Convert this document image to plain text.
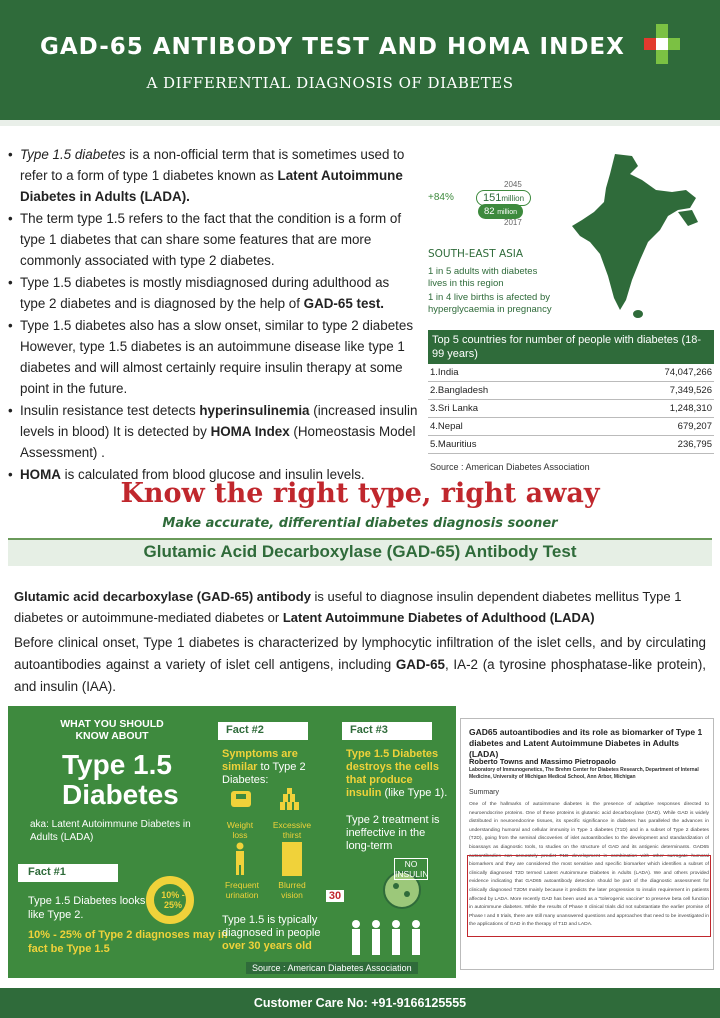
GAD-65 ANTIBODY TEST AND HOMA INDEX
A DIFFERENTIAL DIAGNOSIS OF DIABETES
• Type 1.5 diabetes is a non-official term that is sometimes used to refer to a form of type 1 diabetes known as Latent Autoimmune Diabetes in Adults (LADA).
• The term type 1.5 refers to the fact that the condition is a form of type 1 diabetes that can share some features that are more commonly associated with type 2 diabetes.
• Type 1.5 diabetes is mostly misdiagnosed during adulthood as type 2 diabetes and is diagnosed by the help of GAD-65 test.
• Type 1.5 diabetes also has a slow onset, similar to type 2 diabetes However, type 1.5 diabetes is an autoimmune disease like type 1 diabetes and will almost certainly require insulin therapy at some point in the future.
• Insulin resistance test detects hyperinsulinemia (increased insulin levels in blood) It is detected by HOMA Index (Homeostasis Model Assessment) .
• HOMA is calculated from blood glucose and insulin levels.
+84%
2045
151million
82 million
2017
SOUTH-EAST ASIA
1 in 5 adults with diabetes lives in this region
1 in 4 live births is afected by hyperglycaemia in pregnancy
Top 5 countries for number of people with diabetes (18-99 years)
1.India	74,047,266
2.Bangladesh	7,349,526
3.Sri Lanka	1,248,310
4.Nepal	679,207
5.Mauritius	236,795
Source : American Diabetes Association
Know the right type, right away
Make accurate, differential diabetes diagnosis sooner
Glutamic Acid Decarboxylase (GAD-65) Antibody Test
Glutamic acid decarboxylase (GAD-65) antibody is useful to diagnose insulin dependent diabetes mellitus Type 1 diabetes or autoimmune-mediated diabetes or Latent Autoimmune Diabetes of Adulthood (LADA)
Before clinical onset, Type 1 diabetes is characterized by lymphocytic infiltration of the islet cells, and by circulating autoantibodies against a variety of islet cell antigens, including GAD-65, IA-2 (a tyrosine phosphatase-like protein), and insulin (IAA).
WHAT YOU SHOULD KNOW ABOUT
Type 1.5 Diabetes
aka: Latent Autoimmune Diabetes in Adults (LADA)
Fact #1
Type 1.5 Diabetes looks like Type 2.
10% - 25%
10% - 25% of Type 2 diagnoses may in fact be Type 1.5
Fact #2
Symptoms are similar to Type 2 Diabetes:
Weight loss
Excessive thirst
Frequent urination
Blurred vision
Fact #3
Type 1.5 Diabetes destroys the cells that produce insulin (like Type 1).
Type 2 treatment is ineffective in the long-term
NO INSULIN
Type 1.5 is typically diagnosed in people over 30 years old
30
Source : American Diabetes Association
GAD65 autoantibodies and its role as biomarker of Type 1 diabetes and Latent Autoimmune Diabetes in Adults (LADA)
Roberto Towns and Massimo Pietropaolo
Laboratory of Immunogenetics, The Brehm Center for Diabetes Research, Department of Internal Medicine, University of Michigan Medical School, Ann Arbor, Michigan
Summary
One of the hallmarks of autoimmune diabetes is the presence of adaptive responses directed to neuroendocrine proteins. One of these proteins is glutamic acid decarboxylase (GAD). While GAD is widely distributed in neuroendocrine tissues, its specific significance in diabetes has paralleled the advances in understanding humoral and cellular immunity in Type 1 diabetes (T1D) and in a subset of Type 2 diabetes (T2D), going from the seminal discoveries of islet autoantibodies to the development and standardization of bioassays as diagnostic tools, to studies on the structure of GAD and its antigenic determinants. GAD65 autoantibodies can accurately predict T1D development in combination with other surrogate humoral biomarkers and they are considered the most sensitive and specific biomarker which identifies a subset of clinically diagnosed T2D termed Latent Autoimmune Diabetes in Adults (LADA). We and others provided evidence indicating that GAD65 autoantibody detection should be part of the diagnostic assessment for clinically diagnosed T2DM mainly because it predicts the later progression to insulin requirement in patients affected by LADA. More recently GAD has been used as a "tolerogenic vaccine" to preserve beta cell function in autoimmune diabetes. While the results of Phase II clinical trials did not substantiate the earlier promise of Phase I and II trials, there are still many unanswered questions and approaches that need to be investigated in the applications of GAD in the therapy of T1D and LADA.
Customer Care No: +91-9166125555
